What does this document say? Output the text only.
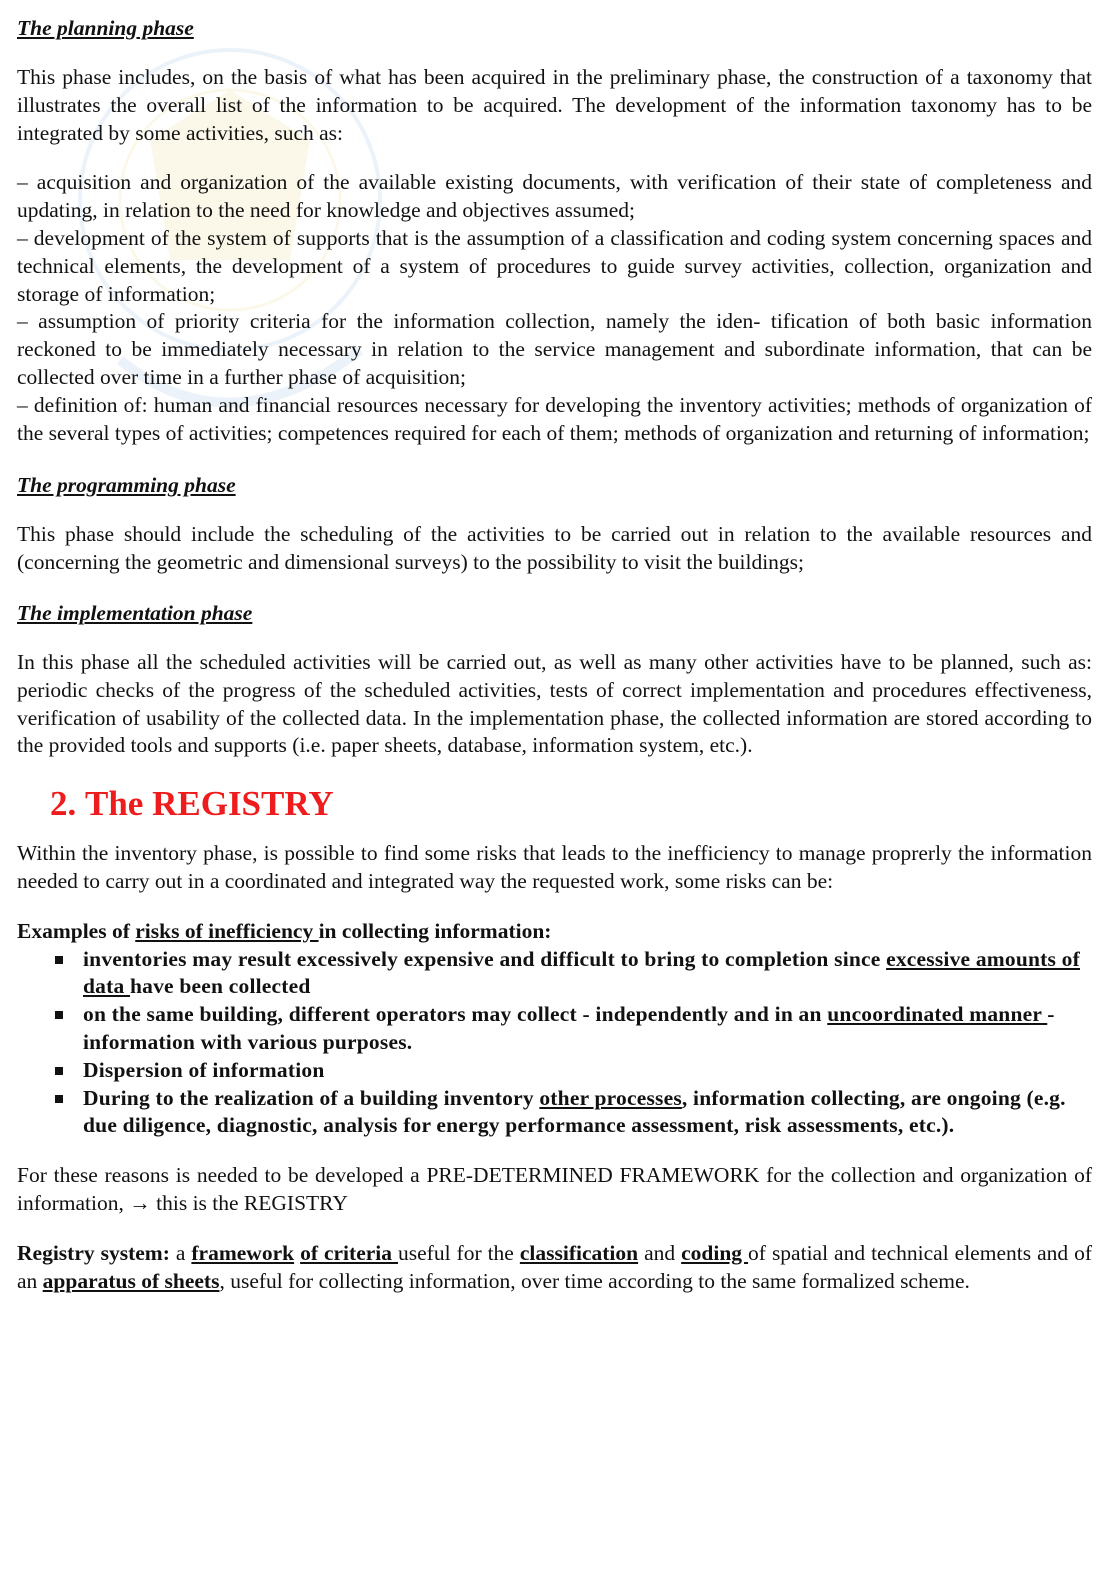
The planning phase

This phase includes, on the basis of what has been acquired in the preliminary phase, the construction of a taxonomy that illustrates the overall list of the information to be acquired. The development of the information taxonomy has to be integrated by some activities, such as:

– acquisition and organization of the available existing documents, with verification of their state of completeness and updating, in relation to the need for knowledge and objectives assumed;

– development of the system of supports that is the assumption of a classification and coding system concerning spaces and technical elements, the development of a system of procedures to guide survey activities, collection, organization and storage of information;

– assumption of priority criteria for the information collection, namely the iden- tification of both basic information reckoned to be immediately necessary in relation to the service management and subordinate information, that can be collected over time in a further phase of acquisition;

– definition of: human and financial resources necessary for developing the inventory activities; methods of organization of the several types of activities; competences required for each of them; methods of organization and returning of information;

The programming phase

This phase should include the scheduling of the activities to be carried out in relation to the available resources and (concerning the geometric and dimensional surveys) to the possibility to visit the buildings;

The implementation phase

In this phase all the scheduled activities will be carried out, as well as many other activities have to be planned, such as: periodic checks of the progress of the scheduled activities, tests of correct implementation and procedures effectiveness, verification of usability of the collected data. In the implementation phase, the collected information are stored according to the provided tools and supports (i.e. paper sheets, database, information system, etc.).

2. The REGISTRY

Within the inventory phase, is possible to find some risks that leads to the inefficiency to manage proprerly the information needed to carry out in a coordinated and integrated way the requested work, some risks can be:

Examples of risks of inefficiency in collecting information:

inventories may result excessively expensive and difficult to bring to completion since excessive amounts of data have been collected
on the same building, different operators may collect - independently and in an uncoordinated manner - information with various purposes.
Dispersion of information
During to the realization of a building inventory other processes, information collecting, are ongoing (e.g. due diligence, diagnostic, analysis for energy performance assessment, risk assessments, etc.).

For these reasons is needed to be developed a PRE-DETERMINED FRAMEWORK for the collection and organization of information, → this is the REGISTRY

Registry system: a framework of criteria useful for the classification and coding of spatial and technical elements and of an apparatus of sheets, useful for collecting information, over time according to the same formalized scheme.
